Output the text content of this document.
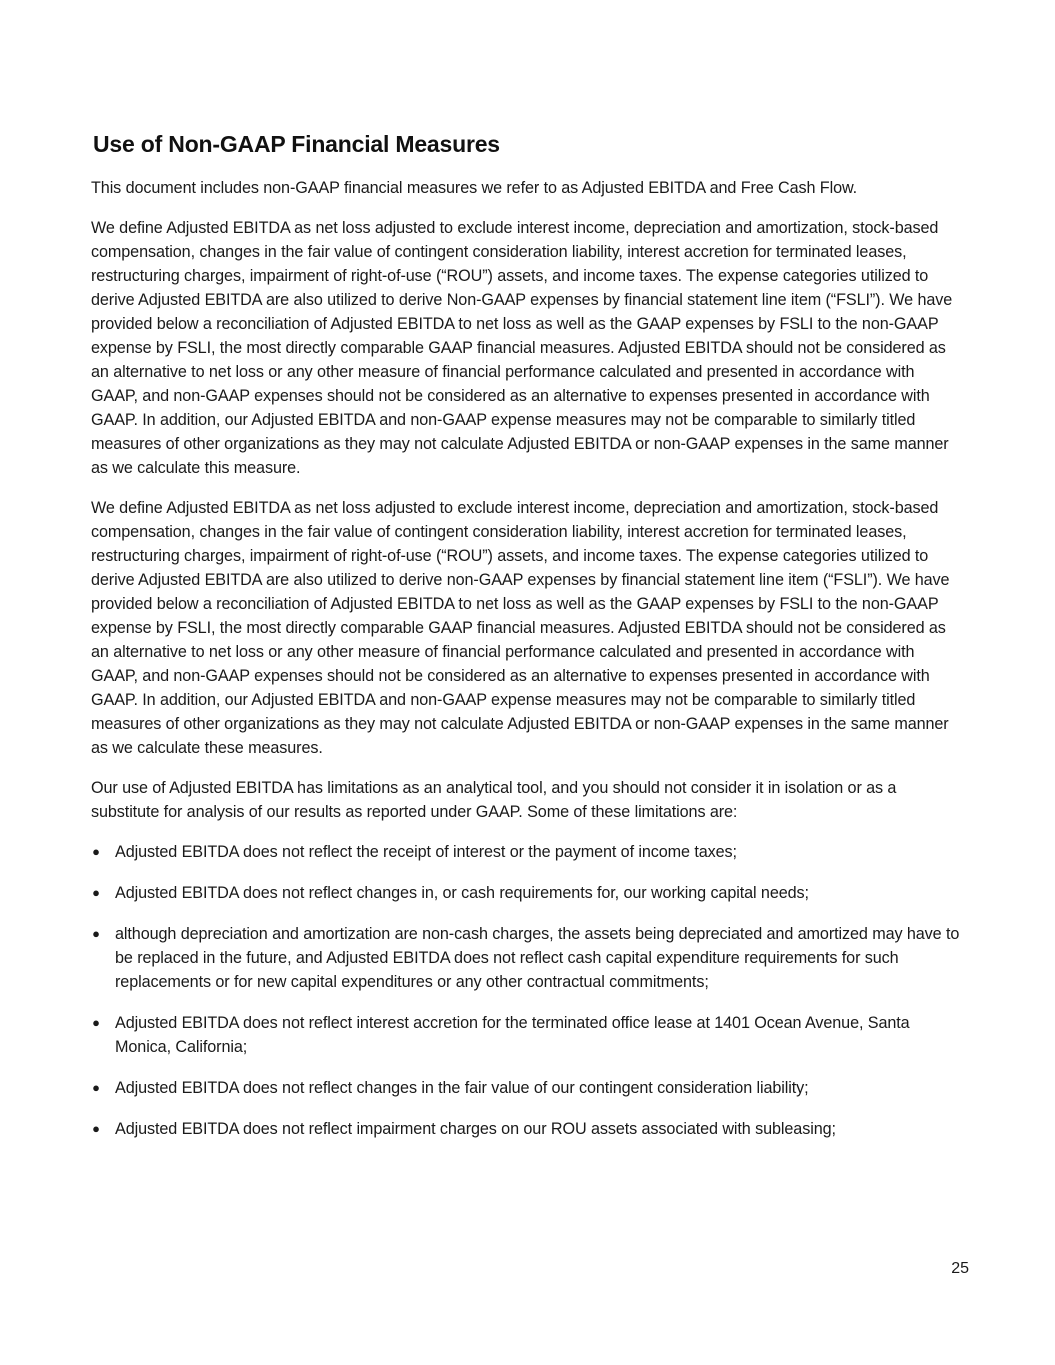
Use of Non-GAAP Financial Measures

This document includes non-GAAP financial measures we refer to as Adjusted EBITDA and Free Cash Flow.

We define Adjusted EBITDA as net loss adjusted to exclude interest income, depreciation and amortization, stock-based compensation, changes in the fair value of contingent consideration liability, interest accretion for terminated leases, restructuring charges, impairment of right-of-use (“ROU”) assets, and income taxes. The expense categories utilized to derive Adjusted EBITDA are also utilized to derive Non-GAAP expenses by financial statement line item (“FSLI”). We have provided below a reconciliation of Adjusted EBITDA to net loss as well as the GAAP expenses by FSLI to the non-GAAP expense by FSLI, the most directly comparable GAAP financial measures. Adjusted EBITDA should not be considered as an alternative to net loss or any other measure of financial performance calculated and presented in accordance with GAAP, and non-GAAP expenses should not be considered as an alternative to expenses presented in accordance with GAAP. In addition, our Adjusted EBITDA and non-GAAP expense measures may not be comparable to similarly titled measures of other organizations as they may not calculate Adjusted EBITDA or non-GAAP expenses in the same manner as we calculate this measure.

We define Adjusted EBITDA as net loss adjusted to exclude interest income, depreciation and amortization, stock-based compensation, changes in the fair value of contingent consideration liability, interest accretion for terminated leases, restructuring charges, impairment of right-of-use (“ROU”) assets, and income taxes. The expense categories utilized to derive Adjusted EBITDA are also utilized to derive non-GAAP expenses by financial statement line item (“FSLI”). We have provided below a reconciliation of Adjusted EBITDA to net loss as well as the GAAP expenses by FSLI to the non-GAAP expense by FSLI, the most directly comparable GAAP financial measures. Adjusted EBITDA should not be considered as an alternative to net loss or any other measure of financial performance calculated and presented in accordance with GAAP, and non-GAAP expenses should not be considered as an alternative to expenses presented in accordance with GAAP. In addition, our Adjusted EBITDA and non-GAAP expense measures may not be comparable to similarly titled measures of other organizations as they may not calculate Adjusted EBITDA or non-GAAP expenses in the same manner as we calculate these measures.

Our use of Adjusted EBITDA has limitations as an analytical tool, and you should not consider it in isolation or as a substitute for analysis of our results as reported under GAAP. Some of these limitations are:

● Adjusted EBITDA does not reflect the receipt of interest or the payment of income taxes;
● Adjusted EBITDA does not reflect changes in, or cash requirements for, our working capital needs;
● although depreciation and amortization are non-cash charges, the assets being depreciated and amortized may have to be replaced in the future, and Adjusted EBITDA does not reflect cash capital expenditure requirements for such replacements or for new capital expenditures or any other contractual commitments;
● Adjusted EBITDA does not reflect interest accretion for the terminated office lease at 1401 Ocean Avenue, Santa Monica, California;
● Adjusted EBITDA does not reflect changes in the fair value of our contingent consideration liability;
● Adjusted EBITDA does not reflect impairment charges on our ROU assets associated with subleasing;
25
